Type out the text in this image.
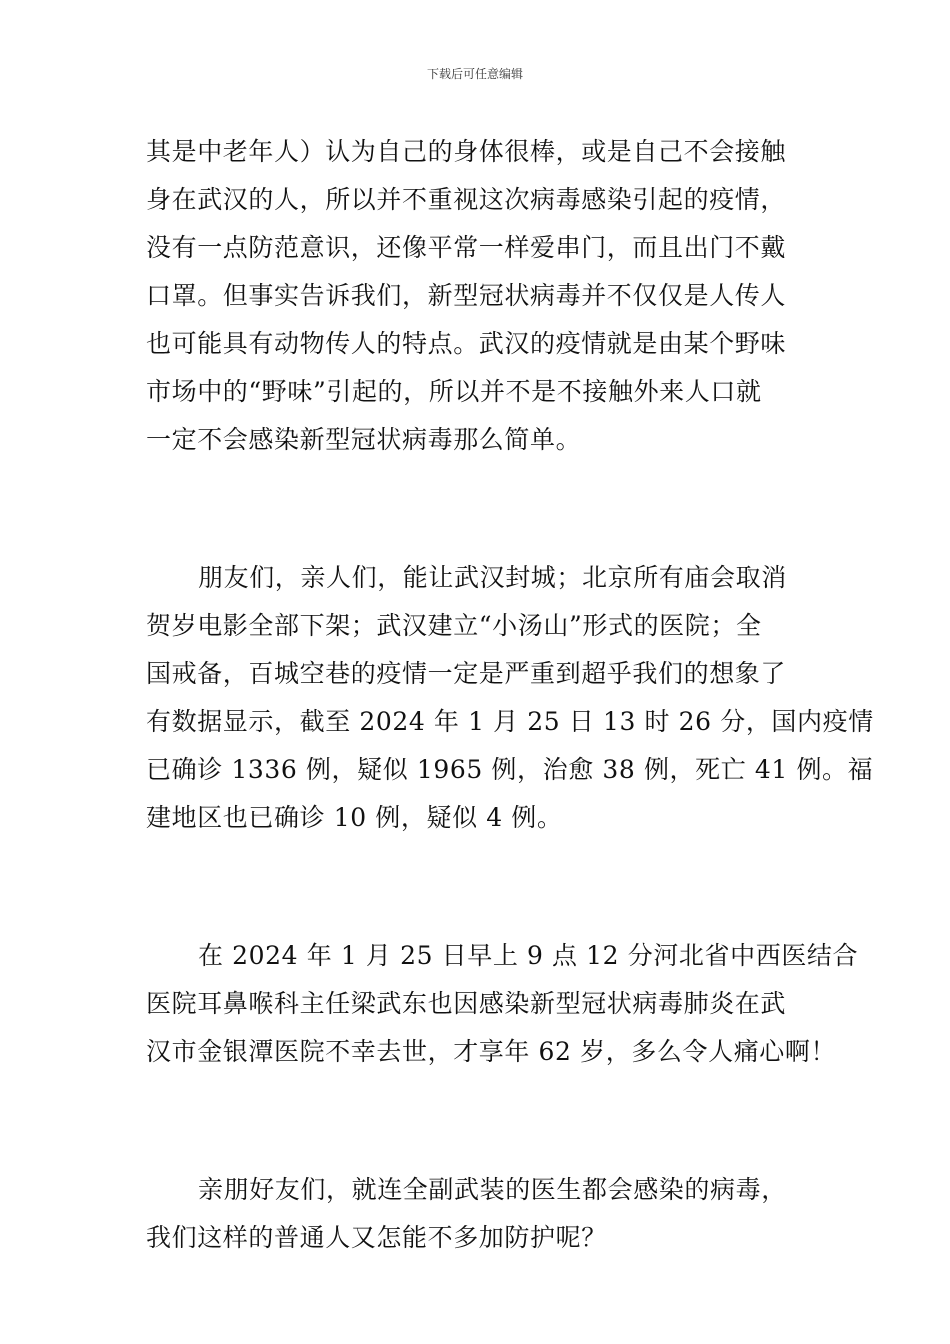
下载后可任意编辑
其是中老年人）认为自己的身体很棒，或是自己不会接触
身在武汉的人，所以并不重视这次病毒感染引起的疫情，
没有一点防范意识，还像平常一样爱串门，而且出门不戴
口罩。但事实告诉我们，新型冠状病毒并不仅仅是人传人
也可能具有动物传人的特点。武汉的疫情就是由某个野味
市场中的“野味”引起的，所以并不是不接触外来人口就
一定不会感染新型冠状病毒那么简单。
朋友们，亲人们，能让武汉封城；北京所有庙会取消
贺岁电影全部下架；武汉建立“小汤山”形式的医院；全
国戒备，百城空巷的疫情一定是严重到超乎我们的想象了
有数据显示，截至 2024 年 1 月 25 日 13 时 26 分，国内疫情
已确诊 1336 例，疑似 1965 例，治愈 38 例，死亡 41 例。福
建地区也已确诊 10 例，疑似 4 例。
在 2024 年 1 月 25 日早上 9 点 12 分河北省中西医结合
医院耳鼻喉科主任梁武东也因感染新型冠状病毒肺炎在武
汉市金银潭医院不幸去世，才享年 62 岁，多么令人痛心啊！
亲朋好友们，就连全副武装的医生都会感染的病毒，
我们这样的普通人又怎能不多加防护呢？
